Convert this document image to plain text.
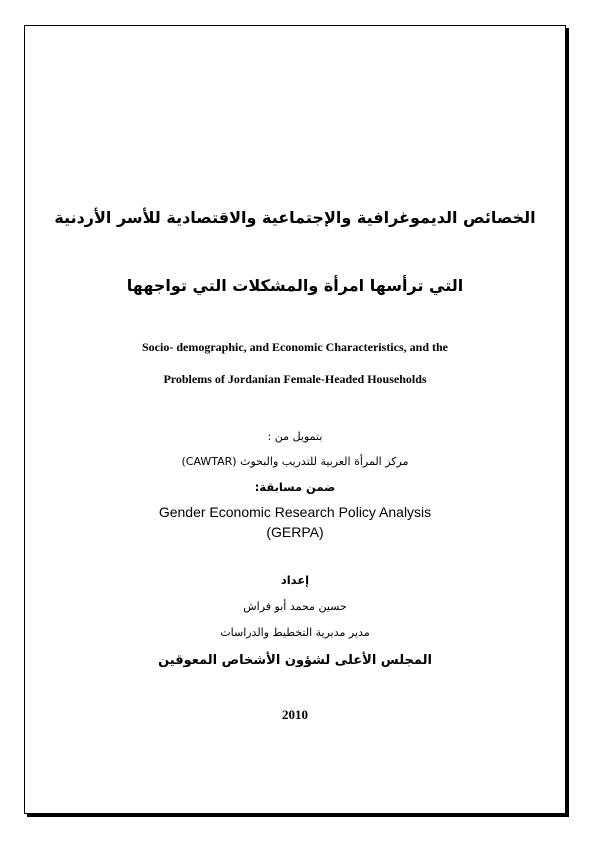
الخصائص الديموغرافية والإجتماعية والاقتصادية للأسر الأردنية
التي ترأسها امرأة والمشكلات التي تواجهها
Socio- demographic, and Economic Characteristics, and the
Problems of Jordanian Female-Headed Households
بتمويل من :
مركز المرأة العربية للتدريب والبحوث (CAWTAR)
ضمن مسابقة:
Gender Economic Research Policy Analysis
(GERPA)
إعداد
حسين محمد أبو فراش
مدير مديرية التخطيط والدراسات
المجلس الأعلى لشؤون الأشخاص المعوقين
2010
